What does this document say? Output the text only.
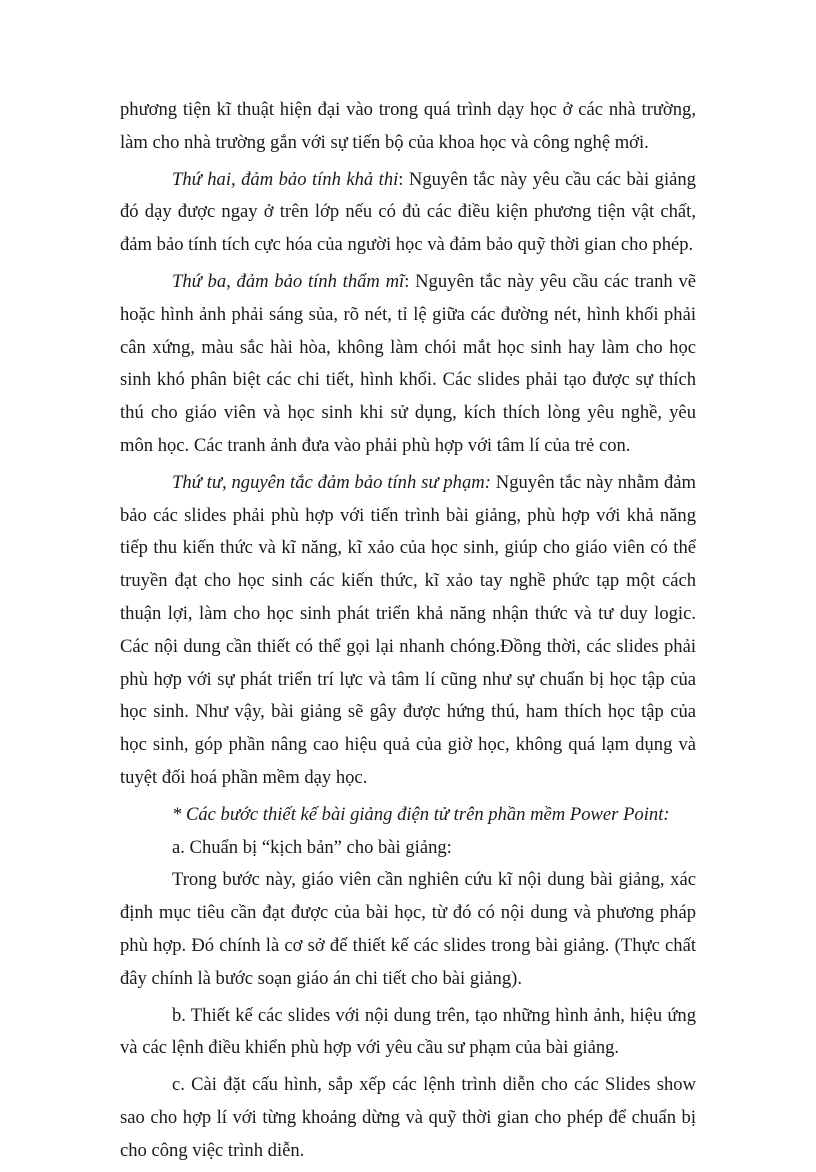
phương tiện kĩ thuật hiện đại vào trong quá trình dạy học ở các nhà trường, làm cho nhà trường gắn với sự tiến bộ của khoa học và công nghệ mới.

Thứ hai, đảm bảo tính khả thi: Nguyên tắc này yêu cầu các bài giảng đó dạy được ngay ở trên lớp nếu có đủ các điều kiện phương tiện vật chất, đảm bảo tính tích cực hóa của người học và đảm bảo quỹ thời gian cho phép.

Thứ ba, đảm bảo tính thẩm mĩ: Nguyên tắc này yêu cầu các tranh vẽ hoặc hình ảnh phải sáng sủa, rõ nét, tỉ lệ giữa các đường nét, hình khối phải cân xứng, màu sắc hài hòa, không làm chói mắt học sinh hay làm cho học sinh khó phân biệt các chi tiết, hình khối. Các slides phải tạo được sự thích thú cho giáo viên và học sinh khi sử dụng, kích thích lòng yêu nghề, yêu môn học. Các tranh ảnh đưa vào phải phù hợp với tâm lí của trẻ con.

Thứ tư, nguyên tắc đảm bảo tính sư phạm: Nguyên tắc này nhằm đảm bảo các slides phải phù hợp với tiến trình bài giảng, phù hợp với khả năng tiếp thu kiến thức và kĩ năng, kĩ xảo của học sinh, giúp cho giáo viên có thể truyền đạt cho học sinh các kiến thức, kĩ xảo tay nghề phức tạp một cách thuận lợi, làm cho học sinh phát triển khả năng nhận thức và tư duy logic. Các nội dung cần thiết có thể gọi lại nhanh chóng.Đồng thời, các slides phải phù hợp với sự phát triển trí lực và tâm lí cũng như sự chuẩn bị học tập của học sinh. Như vậy, bài giảng sẽ gây được hứng thú, ham thích học tập của học sinh, góp phần nâng cao hiệu quả của giờ học, không quá lạm dụng và tuyệt đối hoá phần mềm dạy học.

* Các bước thiết kế bài giảng điện tử trên phần mềm Power Point:

a. Chuẩn bị “kịch bản” cho bài giảng:

Trong bước này, giáo viên cần nghiên cứu kĩ nội dung bài giảng, xác định mục tiêu cần đạt được của bài học, từ đó có nội dung và phương pháp phù hợp. Đó chính là cơ sở để thiết kế các slides trong bài giảng. (Thực chất đây chính là bước soạn giáo án chi tiết cho bài giảng).

b. Thiết kế các slides với nội dung trên, tạo những hình ảnh, hiệu ứng và các lệnh điều khiển phù hợp với yêu cầu sư phạm của bài giảng.

c. Cài đặt cấu hình, sắp xếp các lệnh trình diễn cho các Slides show sao cho hợp lí với từng khoảng dừng và quỹ thời gian cho phép để chuẩn bị cho công việc trình diễn.
